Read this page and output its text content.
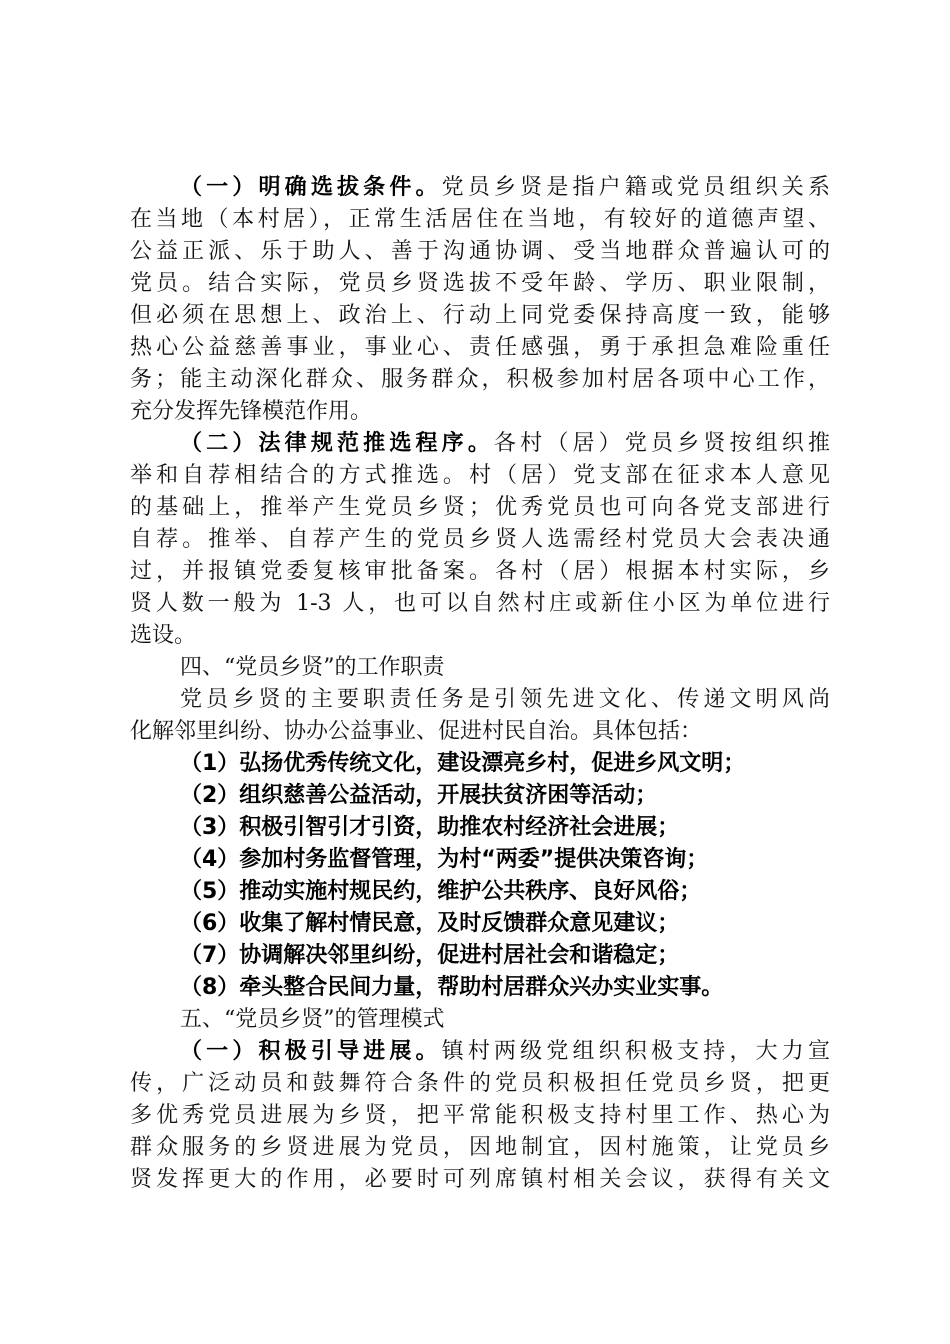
（一）明确选拔条件。党员乡贤是指户籍或党员组织关系
在当地（本村居），正常生活居住在当地，有较好的道德声望、
公益正派、乐于助人、善于沟通协调、受当地群众普遍认可的
党员。结合实际，党员乡贤选拔不受年龄、学历、职业限制，
但必须在思想上、政治上、行动上同党委保持高度一致，能够
热心公益慈善事业，事业心、责任感强，勇于承担急难险重任
务；能主动深化群众、服务群众，积极参加村居各项中心工作，
充分发挥先锋模范作用。
（二）法律规范推选程序。各村（居）党员乡贤按组织推
举和自荐相结合的方式推选。村（居）党支部在征求本人意见
的基础上，推举产生党员乡贤；优秀党员也可向各党支部进行
自荐。推举、自荐产生的党员乡贤人选需经村党员大会表决通
过，并报镇党委复核审批备案。各村（居）根据本村实际，乡
贤人数一般为 1-3 人，也可以自然村庄或新住小区为单位进行
选设。
四、“党员乡贤”的工作职责
党员乡贤的主要职责任务是引领先进文化、传递文明风尚
化解邻里纠纷、协办公益事业、促进村民自治。具体包括：
（1）弘扬优秀传统文化，建设漂亮乡村，促进乡风文明；
（2）组织慈善公益活动，开展扶贫济困等活动；
（3）积极引智引才引资，助推农村经济社会进展；
（4）参加村务监督管理，为村“两委”提供决策咨询；
（5）推动实施村规民约，维护公共秩序、良好风俗；
（6）收集了解村情民意，及时反馈群众意见建议；
（7）协调解决邻里纠纷，促进村居社会和谐稳定；
（8）牵头整合民间力量，帮助村居群众兴办实业实事。
五、“党员乡贤”的管理模式
（一）积极引导进展。镇村两级党组织积极支持，大力宣
传，广泛动员和鼓舞符合条件的党员积极担任党员乡贤，把更
多优秀党员进展为乡贤，把平常能积极支持村里工作、热心为
群众服务的乡贤进展为党员，因地制宜，因村施策，让党员乡
贤发挥更大的作用，必要时可列席镇村相关会议，获得有关文
